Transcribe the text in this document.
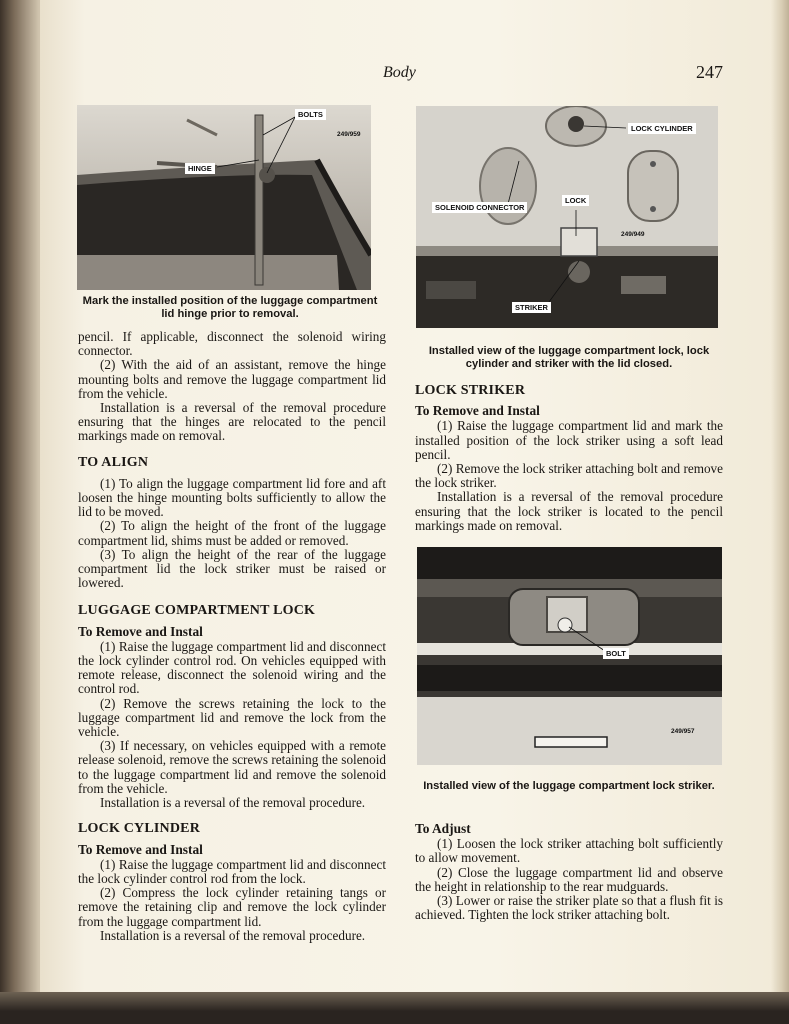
Body	247
BOLTS
HINGE
249/959
Mark the installed position of the luggage compartment lid hinge prior to removal.
LOCK CYLINDER
SOLENOID CONNECTOR
LOCK
STRIKER
249/949
Installed view of the luggage compartment lock, lock cylinder and striker with the lid closed.
BOLT
249/957
Installed view of the luggage compartment lock striker.

pencil. If applicable, disconnect the solenoid wiring connector.

(2) With the aid of an assistant, remove the hinge mounting bolts and remove the luggage compartment lid from the vehicle.

Installation is a reversal of the removal procedure ensuring that the hinges are relocated to the pencil markings made on removal.

TO ALIGN

(1) To align the luggage compartment lid fore and aft loosen the hinge mounting bolts sufficiently to allow the lid to be moved.

(2) To align the height of the front of the luggage compartment lid, shims must be added or removed.

(3) To align the height of the rear of the luggage compartment lid the lock striker must be raised or lowered.

LUGGAGE COMPARTMENT LOCK
To Remove and Instal

(1) Raise the luggage compartment lid and disconnect the lock cylinder control rod. On vehicles equipped with remote release, disconnect the solenoid wiring and the control rod.

(2) Remove the screws retaining the lock to the luggage compartment lid and remove the lock from the vehicle.

(3) If necessary, on vehicles equipped with a remote release solenoid, remove the screws retaining the solenoid to the luggage compartment lid and remove the solenoid from the vehicle.

Installation is a reversal of the removal procedure.

LOCK CYLINDER
To Remove and Instal

(1) Raise the luggage compartment lid and disconnect the lock cylinder control rod from the lock.

(2) Compress the lock cylinder retaining tangs or remove the retaining clip and remove the lock cylinder from the luggage compartment lid.

Installation is a reversal of the removal procedure.

LOCK STRIKER
To Remove and Instal

(1) Raise the luggage compartment lid and mark the installed position of the lock striker using a soft lead pencil.

(2) Remove the lock striker attaching bolt and remove the lock striker.

Installation is a reversal of the removal procedure ensuring that the lock striker is located to the pencil markings made on removal.

To Adjust

(1) Loosen the lock striker attaching bolt sufficiently to allow movement.

(2) Close the luggage compartment lid and observe the height in relationship to the rear mudguards.

(3) Lower or raise the striker plate so that a flush fit is achieved. Tighten the lock striker attaching bolt.
